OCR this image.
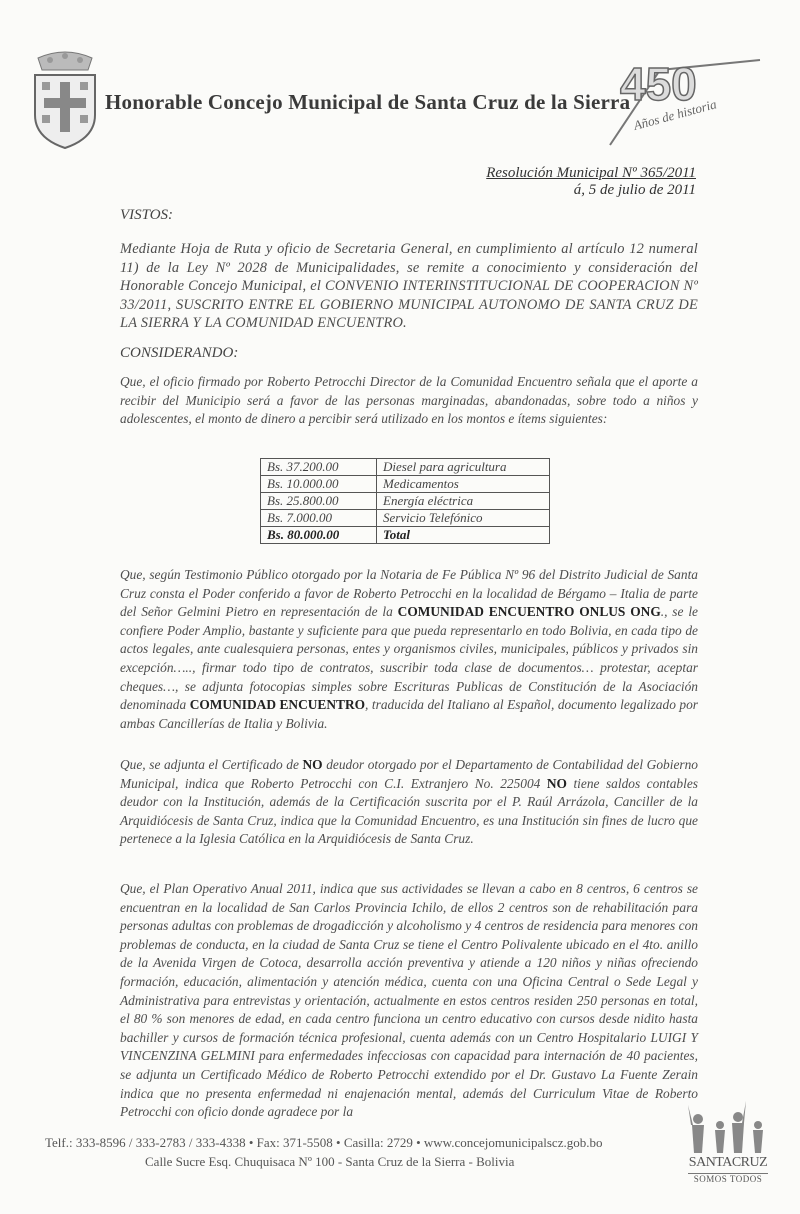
Honorable Concejo Municipal de Santa Cruz de la Sierra
450
Años de historia
Resolución Municipal Nº 365/2011
á, 5 de julio de 2011
VISTOS:
Mediante Hoja de Ruta y oficio de Secretaria General, en cumplimiento al artículo 12 numeral 11) de la Ley Nº 2028 de Municipalidades, se remite a conocimiento y consideración del Honorable Concejo Municipal, el CONVENIO INTERINSTITUCIONAL DE COOPERACION Nº 33/2011, SUSCRITO ENTRE EL GOBIERNO MUNICIPAL AUTONOMO DE SANTA CRUZ DE LA SIERRA Y LA COMUNIDAD ENCUENTRO.
CONSIDERANDO:
Que, el oficio firmado por Roberto Petrocchi Director de la Comunidad Encuentro señala que el aporte a recibir del Municipio será a favor de las personas marginadas, abandonadas, sobre todo a niños y adolescentes, el monto de dinero a percibir será utilizado en los montos e ítems siguientes:
Bs. 37.200.00	Diesel para agricultura
Bs. 10.000.00	Medicamentos
Bs. 25.800.00	Energía eléctrica
Bs. 7.000.00	Servicio Telefónico
Bs. 80.000.00	Total
Que, según Testimonio Público otorgado por la Notaria de Fe Pública Nº 96 del Distrito Judicial de Santa Cruz consta el Poder conferido a favor de Roberto Petrocchi en la localidad de Bérgamo – Italia de parte del Señor Gelmini Pietro en representación de la COMUNIDAD ENCUENTRO ONLUS ONG., se le confiere Poder Amplio, bastante y suficiente para que pueda representarlo en todo Bolivia, en cada tipo de actos legales, ante cualesquiera personas, entes y organismos civiles, municipales, públicos y privados sin excepción….., firmar todo tipo de contratos, suscribir toda clase de documentos… protestar, aceptar cheques…, se adjunta fotocopias simples sobre Escrituras Publicas de Constitución de la Asociación denominada COMUNIDAD ENCUENTRO, traducida del Italiano al Español, documento legalizado por ambas Cancillerías de Italia y Bolivia.
Que, se adjunta el Certificado de NO deudor otorgado por el Departamento de Contabilidad del Gobierno Municipal, indica que Roberto Petrocchi con C.I. Extranjero No. 225004 NO tiene saldos contables deudor con la Institución, además de la Certificación suscrita por el P. Raúl Arrázola, Canciller de la Arquidiócesis de Santa Cruz, indica que la Comunidad Encuentro, es una Institución sin fines de lucro que pertenece a la Iglesia Católica en la Arquidiócesis de Santa Cruz.
Que, el Plan Operativo Anual 2011, indica que sus actividades se llevan a cabo en 8 centros, 6 centros se encuentran en la localidad de San Carlos Provincia Ichilo, de ellos 2 centros son de rehabilitación para personas adultas con problemas de drogadicción y alcoholismo y 4 centros de residencia para menores con problemas de conducta, en la ciudad de Santa Cruz se tiene el Centro Polivalente ubicado en el 4to. anillo de la Avenida Virgen de Cotoca, desarrolla acción preventiva y atiende a 120 niños y niñas ofreciendo formación, educación, alimentación y atención médica, cuenta con una Oficina Central o Sede Legal y Administrativa para entrevistas y orientación, actualmente en estos centros residen 250 personas en total, el 80 % son menores de edad, en cada centro funciona un centro educativo con cursos desde nidito hasta bachiller y cursos de formación técnica profesional, cuenta además con un Centro Hospitalario LUIGI Y VINCENZINA GELMINI para enfermedades infecciosas con capacidad para internación de 40 pacientes, se adjunta un Certificado Médico de Roberto Petrocchi extendido por el Dr. Gustavo La Fuente Zerain indica que no presenta enfermedad ni enajenación mental, además del Curriculum Vitae de Roberto Petrocchi con oficio donde agradece por la
Telf.: 333-8596 / 333-2783 / 333-4338 • Fax: 371-5508 • Casilla: 2729 • www.concejomunicipalscz.gob.bo
Calle Sucre Esq. Chuquisaca Nº 100 - Santa Cruz de la Sierra - Bolivia	SANTACRUZ
SOMOS TODOS
